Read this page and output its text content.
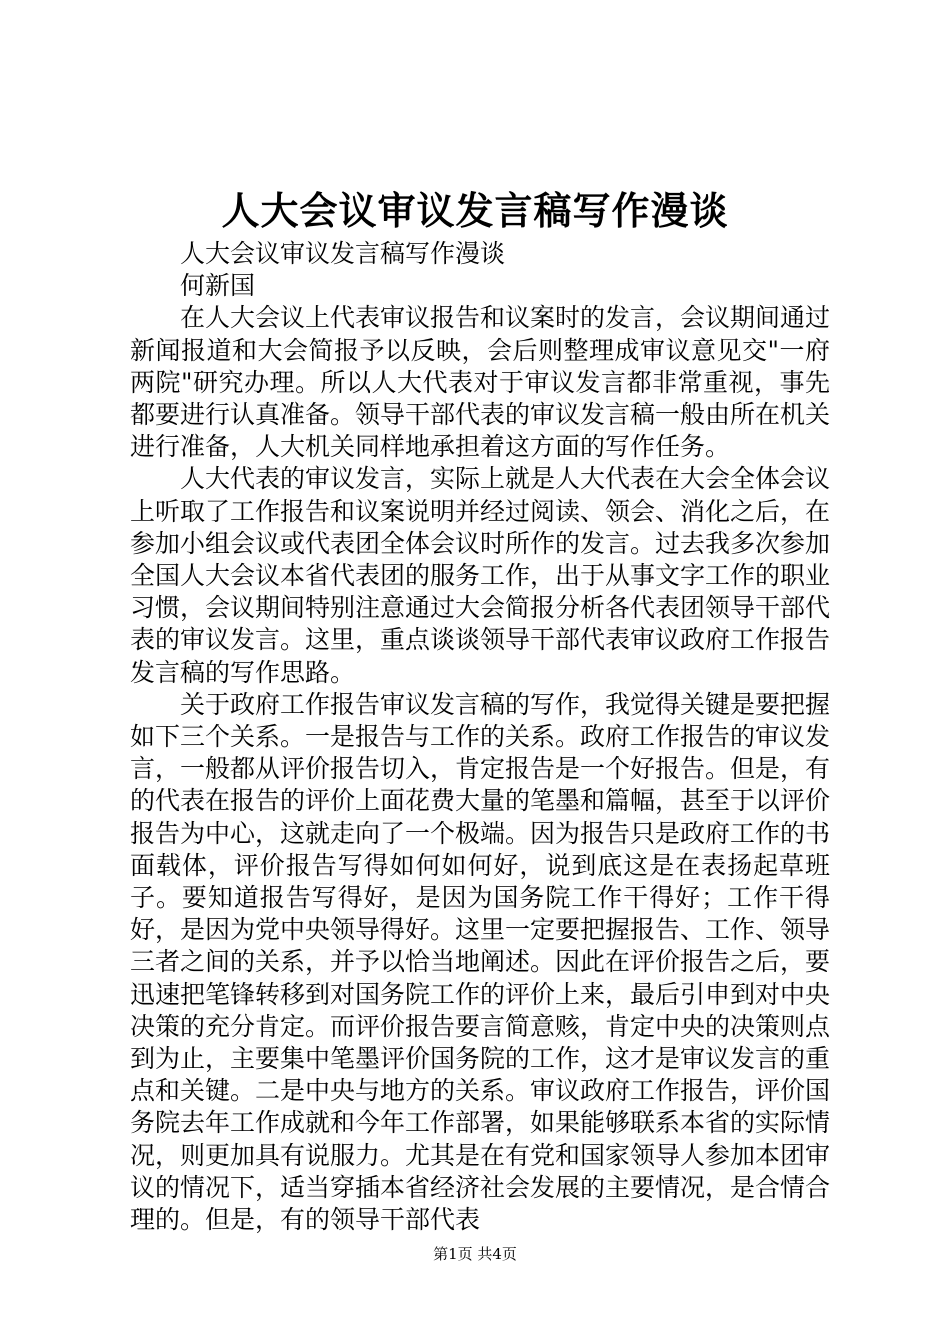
人大会议审议发言稿写作漫谈

人大会议审议发言稿写作漫谈

何新国

在人大会议上代表审议报告和议案时的发言，会议期间通过新闻报道和大会简报予以反映，会后则整理成审议意见交"一府两院"研究办理。所以人大代表对于审议发言都非常重视，事先都要进行认真准备。领导干部代表的审议发言稿一般由所在机关进行准备，人大机关同样地承担着这方面的写作任务。

人大代表的审议发言，实际上就是人大代表在大会全体会议上听取了工作报告和议案说明并经过阅读、领会、消化之后，在参加小组会议或代表团全体会议时所作的发言。过去我多次参加全国人大会议本省代表团的服务工作，出于从事文字工作的职业习惯，会议期间特别注意通过大会简报分析各代表团领导干部代表的审议发言。这里，重点谈谈领导干部代表审议政府工作报告发言稿的写作思路。

关于政府工作报告审议发言稿的写作，我觉得关键是要把握如下三个关系。一是报告与工作的关系。政府工作报告的审议发言，一般都从评价报告切入，肯定报告是一个好报告。但是，有的代表在报告的评价上面花费大量的笔墨和篇幅，甚至于以评价报告为中心，这就走向了一个极端。因为报告只是政府工作的书面载体，评价报告写得如何如何好，说到底这是在表扬起草班子。要知道报告写得好，是因为国务院工作干得好；工作干得好，是因为党中央领导得好。这里一定要把握报告、工作、领导三者之间的关系，并予以恰当地阐述。因此在评价报告之后，要迅速把笔锋转移到对国务院工作的评价上来，最后引申到对中央决策的充分肯定。而评价报告要言简意赅，肯定中央的决策则点到为止，主要集中笔墨评价国务院的工作，这才是审议发言的重点和关键。二是中央与地方的关系。审议政府工作报告，评价国务院去年工作成就和今年工作部署，如果能够联系本省的实际情况，则更加具有说服力。尤其是在有党和国家领导人参加本团审议的情况下，适当穿插本省经济社会发展的主要情况，是合情合理的。但是，有的领导干部代表

第1页 共4页
